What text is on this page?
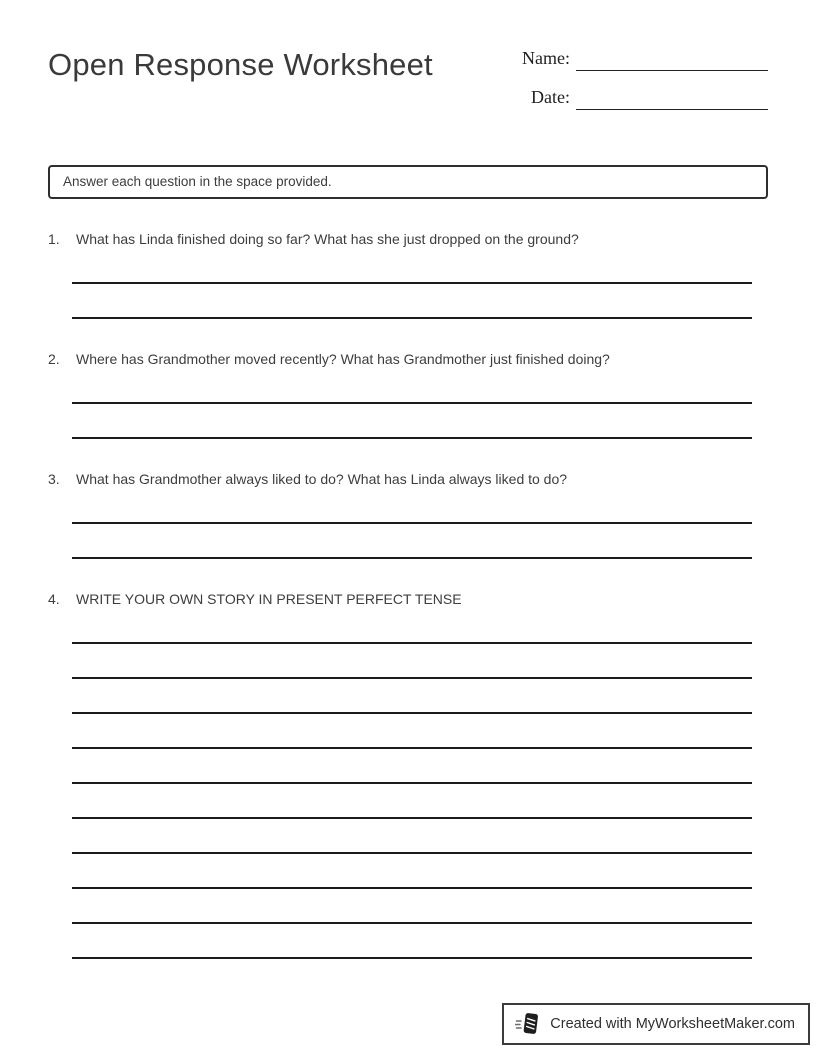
Open Response Worksheet	Name:
Date:
Answer each question in the space provided.
1.	What has Linda finished doing so far? What has she just dropped on the ground?
2.	Where has Grandmother moved recently? What has Grandmother just finished doing?
3.	What has Grandmother always liked to do? What has Linda always liked to do?
4.	WRITE YOUR OWN STORY IN PRESENT PERFECT TENSE
Created with MyWorksheetMaker.com
